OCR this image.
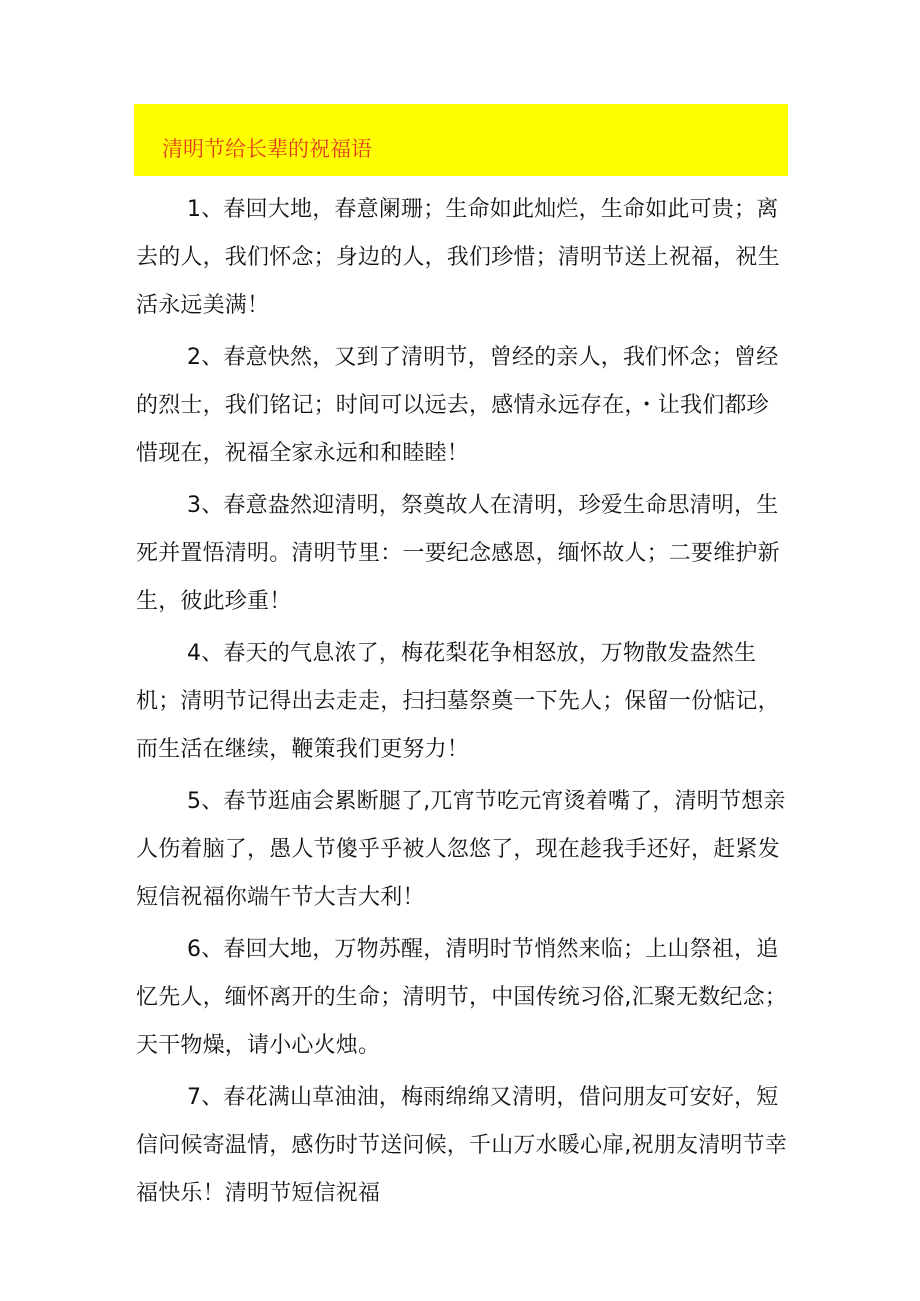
清明节给长辈的祝福语

1、春回大地，春意阑珊；生命如此灿烂，生命如此可贵；离去的人，我们怀念；身边的人，我们珍惜；清明节送上祝福，祝生活永远美满！

2、春意快然，又到了清明节，曾经的亲人，我们怀念；曾经的烈士，我们铭记；时间可以远去，感情永远存在，・让我们都珍惜现在，祝福全家永远和和睦睦！

3、春意盎然迎清明，祭奠故人在清明，珍爱生命思清明，生死并置悟清明。清明节里：一要纪念感恩，缅怀故人；二要维护新生，彼此珍重！

4、春天的气息浓了，梅花梨花争相怒放，万物散发盎然生机；清明节记得出去走走，扫扫墓祭奠一下先人；保留一份惦记，而生活在继续，鞭策我们更努力！

5、春节逛庙会累断腿了,兀宵节吃元宵烫着嘴了，清明节想亲人伤着脑了，愚人节傻乎乎被人忽悠了，现在趁我手还好，赶紧发短信祝福你端午节大吉大利！

6、春回大地，万物苏醒，清明时节悄然来临；上山祭祖，追忆先人，缅怀离开的生命；清明节，中国传统习俗,汇聚无数纪念；天干物燥，请小心火烛。

7、春花满山草油油，梅雨绵绵又清明，借问朋友可安好，短信问候寄温情，感伤时节送问候，千山万水暖心扉,祝朋友清明节幸福快乐！清明节短信祝福
